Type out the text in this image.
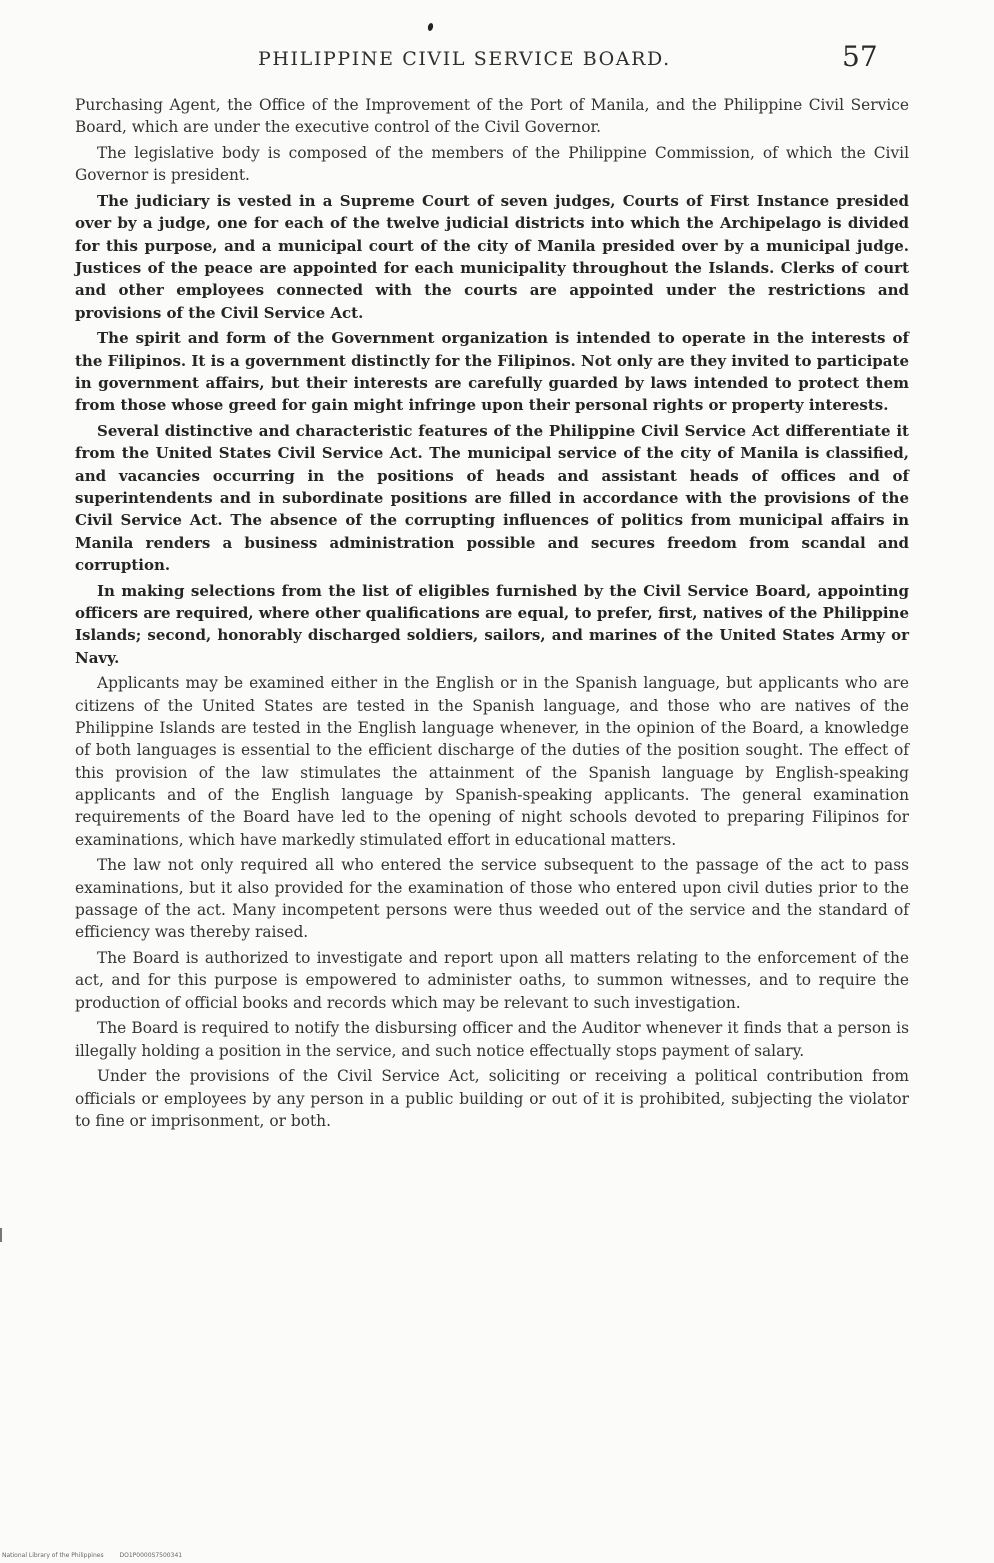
PHILIPPINE CIVIL SERVICE BOARD.	57

Purchasing Agent, the Office of the Improvement of the Port of Manila, and the Philippine Civil Service Board, which are under the executive control of the Civil Governor.

The legislative body is composed of the members of the Philippine Commission, of which the Civil Governor is president.

The judiciary is vested in a Supreme Court of seven judges, Courts of First Instance presided over by a judge, one for each of the twelve judicial districts into which the Archipelago is divided for this purpose, and a municipal court of the city of Manila presided over by a municipal judge. Justices of the peace are appointed for each municipality throughout the Islands. Clerks of court and other employees connected with the courts are appointed under the restrictions and provisions of the Civil Service Act.

The spirit and form of the Government organization is intended to operate in the interests of the Filipinos. It is a government distinctly for the Filipinos. Not only are they invited to participate in government affairs, but their interests are carefully guarded by laws intended to protect them from those whose greed for gain might infringe upon their personal rights or property interests.

Several distinctive and characteristic features of the Philippine Civil Service Act differentiate it from the United States Civil Service Act. The municipal service of the city of Manila is classified, and vacancies occurring in the positions of heads and assistant heads of offices and of superintendents and in subordinate positions are filled in accordance with the provisions of the Civil Service Act. The absence of the corrupting influences of politics from municipal affairs in Manila renders a business administration possible and secures freedom from scandal and corruption.

In making selections from the list of eligibles furnished by the Civil Service Board, appointing officers are required, where other qualifications are equal, to prefer, first, natives of the Philippine Islands; second, honorably discharged soldiers, sailors, and marines of the United States Army or Navy.

Applicants may be examined either in the English or in the Spanish language, but applicants who are citizens of the United States are tested in the Spanish language, and those who are natives of the Philippine Islands are tested in the English language whenever, in the opinion of the Board, a knowledge of both languages is essential to the efficient discharge of the duties of the position sought. The effect of this provision of the law stimulates the attainment of the Spanish language by English-speaking applicants and of the English language by Spanish-speaking applicants. The general examination requirements of the Board have led to the opening of night schools devoted to preparing Filipinos for examinations, which have markedly stimulated effort in educational matters.

The law not only required all who entered the service subsequent to the passage of the act to pass examinations, but it also provided for the examination of those who entered upon civil duties prior to the passage of the act. Many incompetent persons were thus weeded out of the service and the standard of efficiency was thereby raised.

The Board is authorized to investigate and report upon all matters relating to the enforcement of the act, and for this purpose is empowered to administer oaths, to summon witnesses, and to require the production of official books and records which may be relevant to such investigation.

The Board is required to notify the disbursing officer and the Auditor whenever it finds that a person is illegally holding a position in the service, and such notice effectually stops payment of salary.

Under the provisions of the Civil Service Act, soliciting or receiving a political contribution from officials or employees by any person in a public building or out of it is prohibited, subjecting the violator to fine or imprisonment, or both.

National Library of the Philippines	DO1P0000S7500341
